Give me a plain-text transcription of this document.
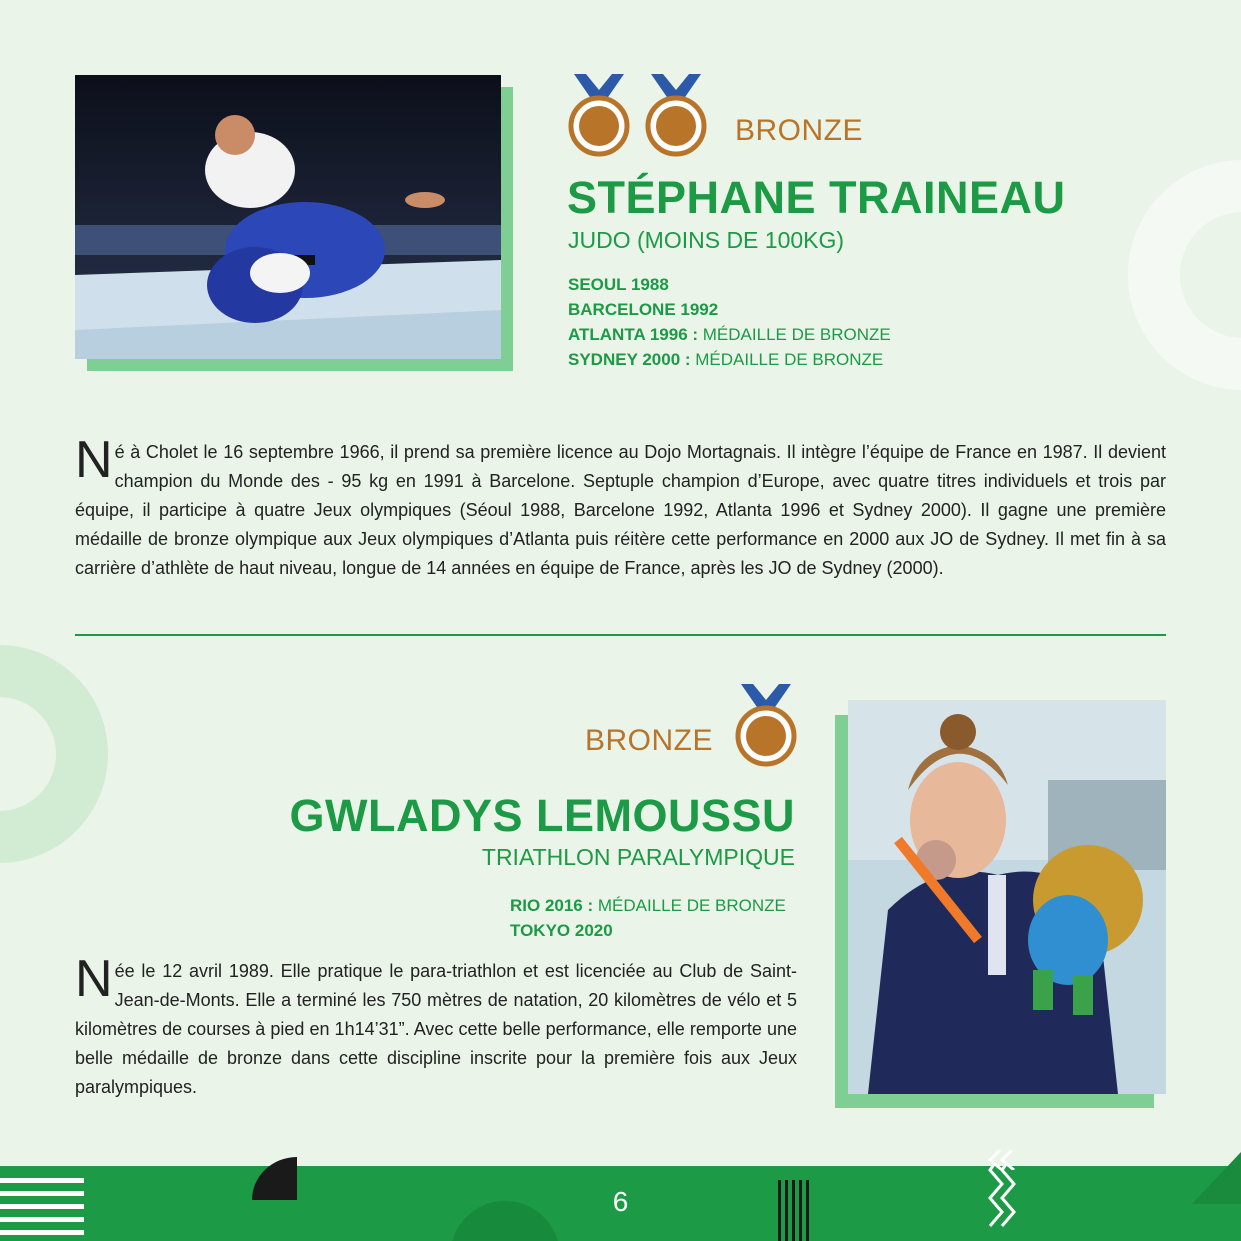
BRONZE
STÉPHANE TRAINEAU
JUDO (MOINS DE 100KG)
SEOUL 1988
BARCELONE 1992
ATLANTA 1996 : MÉDAILLE DE BRONZE
SYDNEY 2000 : MÉDAILLE DE BRONZE

Né à Cholet le 16 septembre 1966, il prend sa première licence au Dojo Mortagnais. Il intègre l’équipe de France en 1987. Il devient champion du Monde des - 95 kg en 1991 à Barcelone. Septuple champion d’Europe, avec quatre titres individuels et trois par équipe, il participe à quatre Jeux olympiques (Séoul 1988, Barcelone 1992, Atlanta 1996 et Sydney 2000). Il gagne une première médaille de bronze olympique aux Jeux olympiques d’Atlanta puis réitère cette performance en 2000 aux JO de Sydney. Il met fin à sa carrière d’athlète de haut niveau, longue de 14 années en équipe de France, après les JO de Sydney (2000).

BRONZE
GWLADYS LEMOUSSU
TRIATHLON PARALYMPIQUE
RIO 2016 : MÉDAILLE DE BRONZE
TOKYO 2020

Née le 12 avril 1989. Elle pratique le para-triathlon et est licenciée au Club de Saint-Jean-de-Monts. Elle a terminé les 750 mètres de natation, 20 kilomètres de vélo et 5 kilomètres de courses à pied en 1h14’31”. Avec cette belle performance, elle remporte une belle médaille de bronze dans cette discipline inscrite pour la première fois aux Jeux paralympiques.

6
